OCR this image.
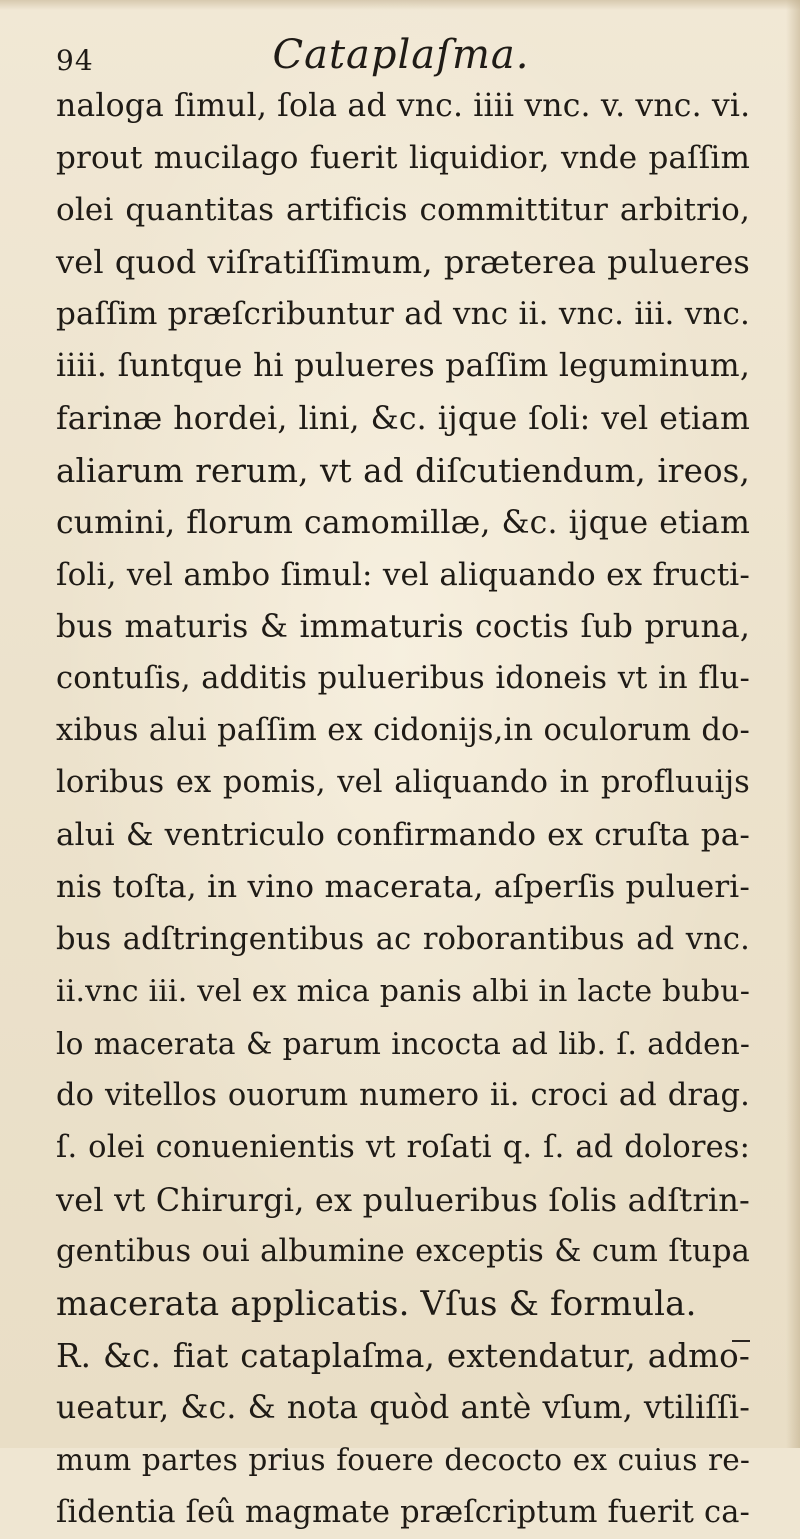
94	Cataplaſma.
naloga ſimul, ſola ad vnc. iiii vnc. v. vnc. vi.
prout mucilago fuerit liquidior, vnde paſſim
olei quantitas artificis committitur arbitrio,
vel quod viſratiſſimum, prӕterea pulueres
paſſim prӕſcribuntur ad vnc ii. vnc. iii. vnc.
iiii. ſuntque hi pulueres paſſim leguminum,
farinӕ hordei, lini, &c. ijque ſoli: vel etiam
aliarum rerum, vt ad diſcutiendum, ireos,
cumini, florum camomillӕ, &c. ijque etiam
ſoli, vel ambo ſimul: vel aliquando ex fructi-
bus maturis & immaturis coctis ſub pruna,
contuſis, additis pulueribus idoneis vt in flu-
xibus alui paſſim ex cidonijs,in oculorum do-
loribus ex pomis, vel aliquando in profluuijs
alui & ventriculo confirmando ex cruſta pa-
nis toſta, in vino macerata, aſperſis pulueri-
bus adſtringentibus ac roborantibus ad vnc.
ii.vnc iii. vel ex mica panis albi in lacte bubu-
lo macerata & parum incocta ad lib. ſ. adden-
do vitellos ouorum numero ii. croci ad drag.
ſ. olei conuenientis vt roſati q. ſ. ad dolores:
vel vt Chirurgi, ex pulueribus ſolis adſtrin-
gentibus oui albumine exceptis & cum ſtupa
macerata applicatis. Vſus & formula.
R. &c. fiat cataplaſma, extendatur, admo-
ueatur, &c. & nota quòd antè vſum, vtiliſſi-
mum partes prius fouere decocto ex cuius re-
ſidentia ſeû magmate prӕſcriptum fuerit ca-
